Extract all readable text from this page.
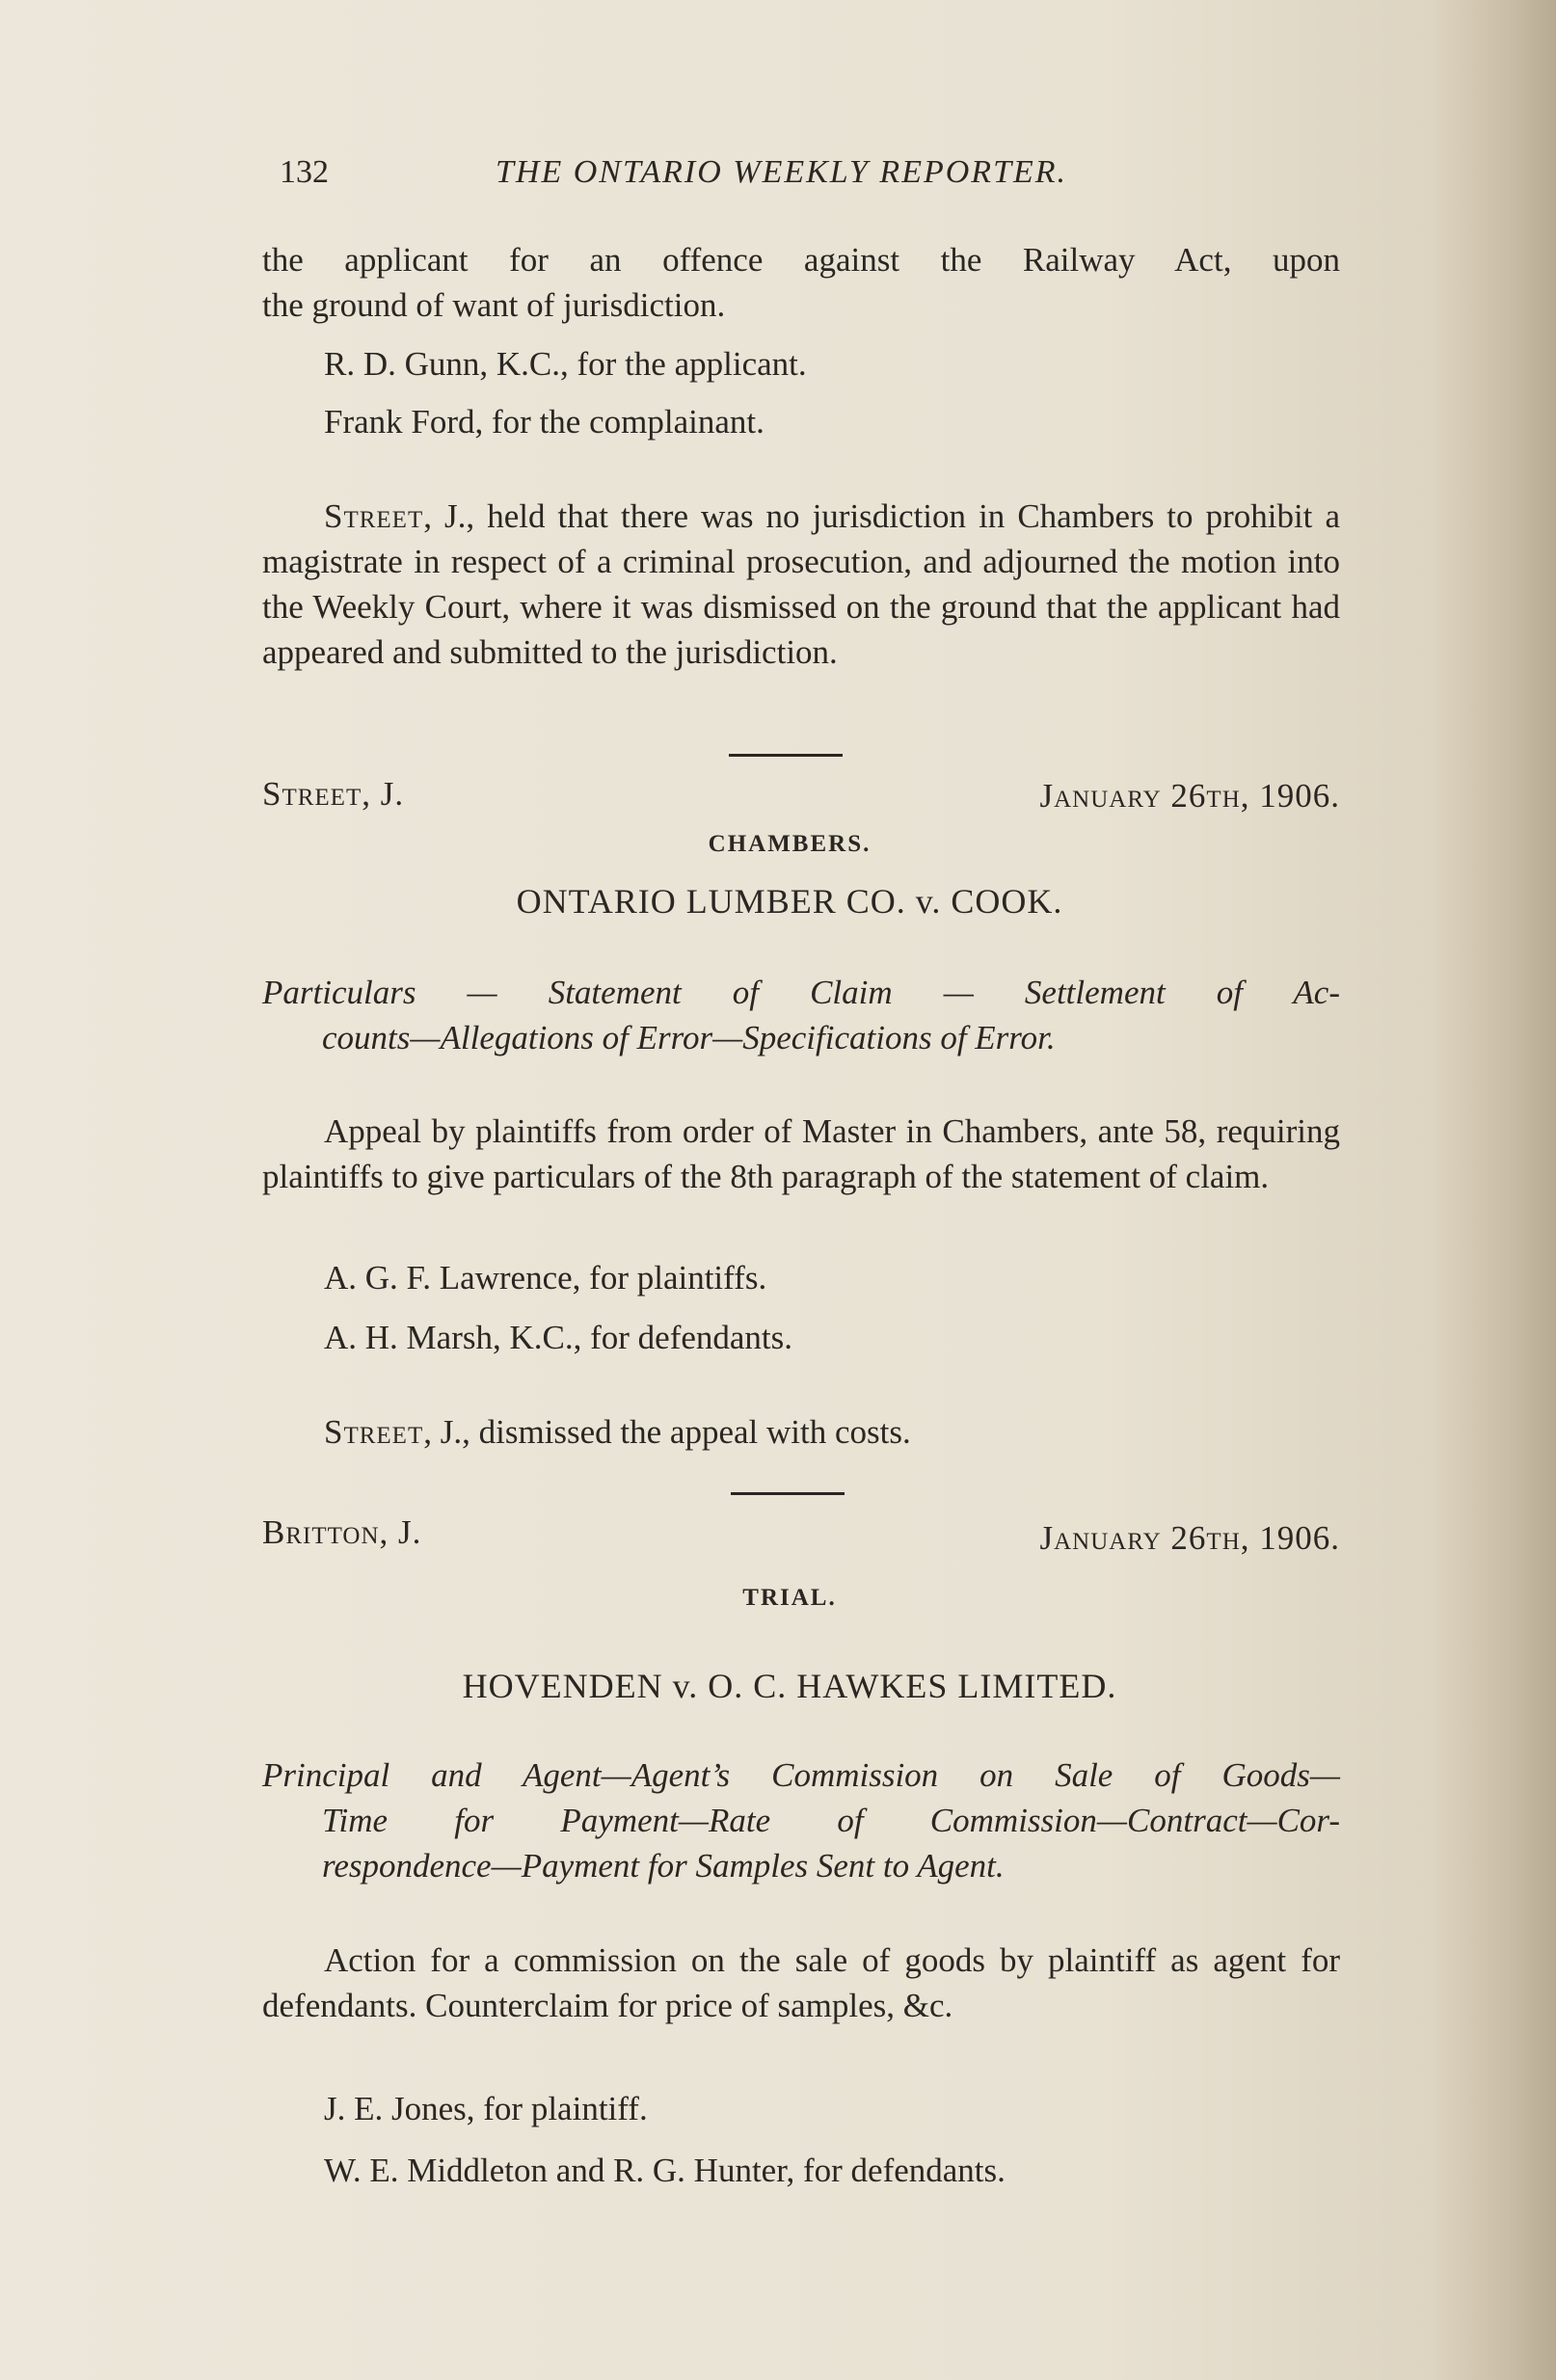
132	THE ONTARIO WEEKLY REPORTER.

the applicant for an offence against the Railway Act, upon

the ground of want of jurisdiction.

R. D. Gunn, K.C., for the applicant.
Frank Ford, for the complainant.
Street, J., held that there was no jurisdiction in Chambers to prohibit a magistrate in respect of a criminal prosecution, and adjourned the motion into the Weekly Court, where it was dismissed on the ground that the applicant had appeared and submitted to the jurisdiction.
Street, J.	January 26th, 1906.
CHAMBERS.
ONTARIO LUMBER CO. v. COOK.

Particulars — Statement of Claim — Settlement of Ac-

counts—Allegations of Error—Specifications of Error.

Appeal by plaintiffs from order of Master in Chambers, ante 58, requiring plaintiffs to give particulars of the 8th paragraph of the statement of claim.
A. G. F. Lawrence, for plaintiffs.
A. H. Marsh, K.C., for defendants.
Street, J., dismissed the appeal with costs.
Britton, J.	January 26th, 1906.
TRIAL.
HOVENDEN v. O. C. HAWKES LIMITED.

Principal and Agent—Agent’s Commission on Sale of Goods—

Time for Payment—Rate of Commission—Contract—Cor-

respondence—Payment for Samples Sent to Agent.

Action for a commission on the sale of goods by plaintiff as agent for defendants. Counterclaim for price of samples, &c.
J. E. Jones, for plaintiff.
W. E. Middleton and R. G. Hunter, for defendants.
